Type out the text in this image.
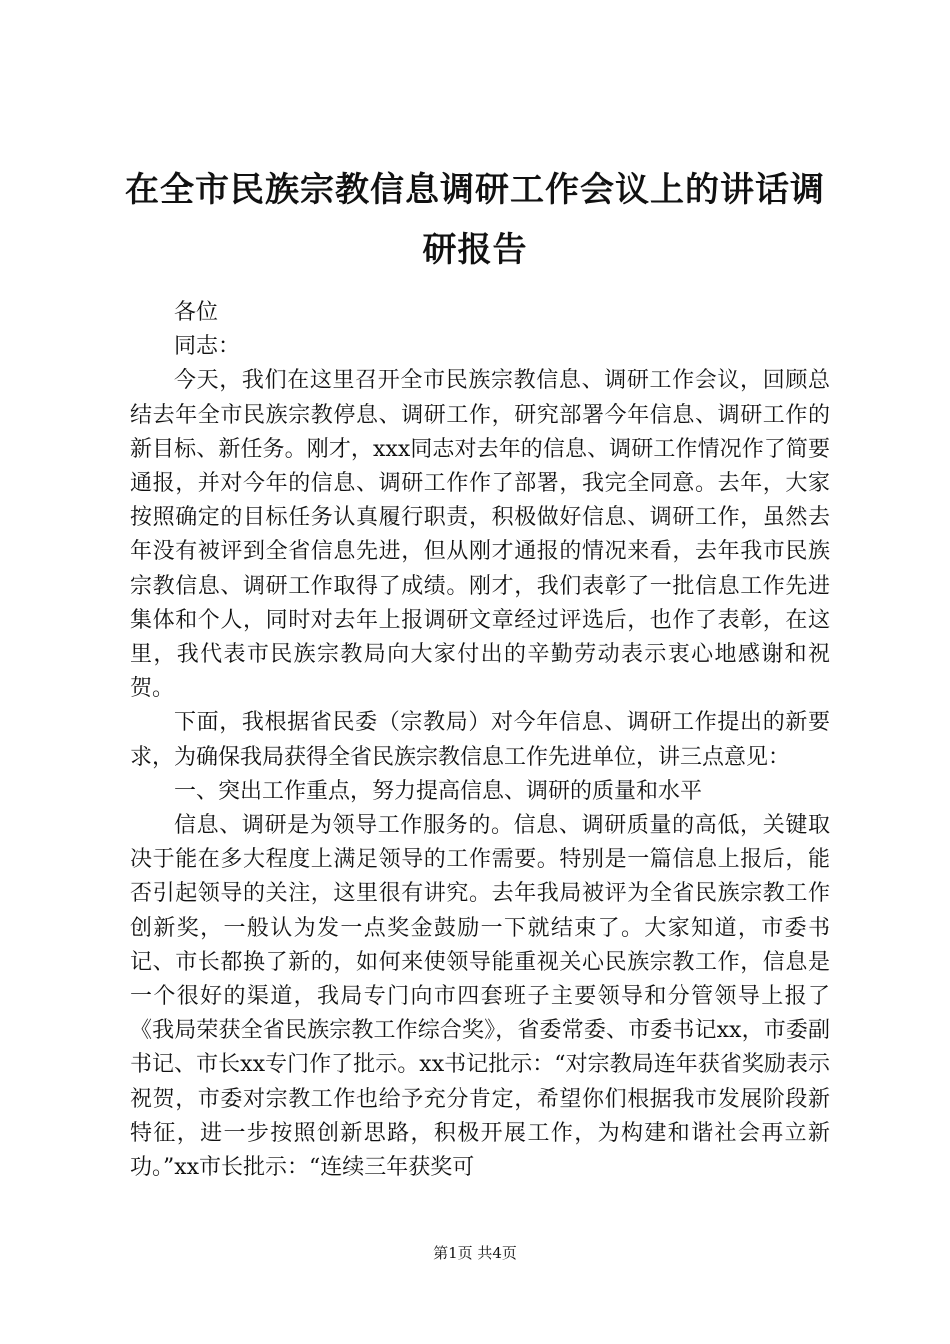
在全市民族宗教信息调研工作会议上的讲话调研报告

各位

同志：

今天，我们在这里召开全市民族宗教信息、调研工作会议，回顾总结去年全市民族宗教停息、调研工作，研究部署今年信息、调研工作的新目标、新任务。刚才，xxx同志对去年的信息、调研工作情况作了简要通报，并对今年的信息、调研工作作了部署，我完全同意。去年，大家按照确定的目标任务认真履行职责，积极做好信息、调研工作，虽然去年没有被评到全省信息先进，但从刚才通报的情况来看，去年我市民族宗教信息、调研工作取得了成绩。刚才，我们表彰了一批信息工作先进集体和个人，同时对去年上报调研文章经过评选后，也作了表彰，在这里，我代表市民族宗教局向大家付出的辛勤劳动表示衷心地感谢和祝贺。

下面，我根据省民委（宗教局）对今年信息、调研工作提出的新要求，为确保我局获得全省民族宗教信息工作先进单位，讲三点意见：

一、突出工作重点，努力提高信息、调研的质量和水平

信息、调研是为领导工作服务的。信息、调研质量的高低，关键取决于能在多大程度上满足领导的工作需要。特别是一篇信息上报后，能否引起领导的关注，这里很有讲究。去年我局被评为全省民族宗教工作创新奖，一般认为发一点奖金鼓励一下就结束了。大家知道，市委书记、市长都换了新的，如何来使领导能重视关心民族宗教工作，信息是一个很好的渠道，我局专门向市四套班子主要领导和分管领导上报了《我局荣获全省民族宗教工作综合奖》，省委常委、市委书记xx，市委副书记、市长xx专门作了批示。xx书记批示：“对宗教局连年获省奖励表示祝贺，市委对宗教工作也给予充分肯定，希望你们根据我市发展阶段新特征，进一步按照创新思路，积极开展工作，为构建和谐社会再立新功。”xx市长批示：“连续三年获奖可

第1页 共4页
